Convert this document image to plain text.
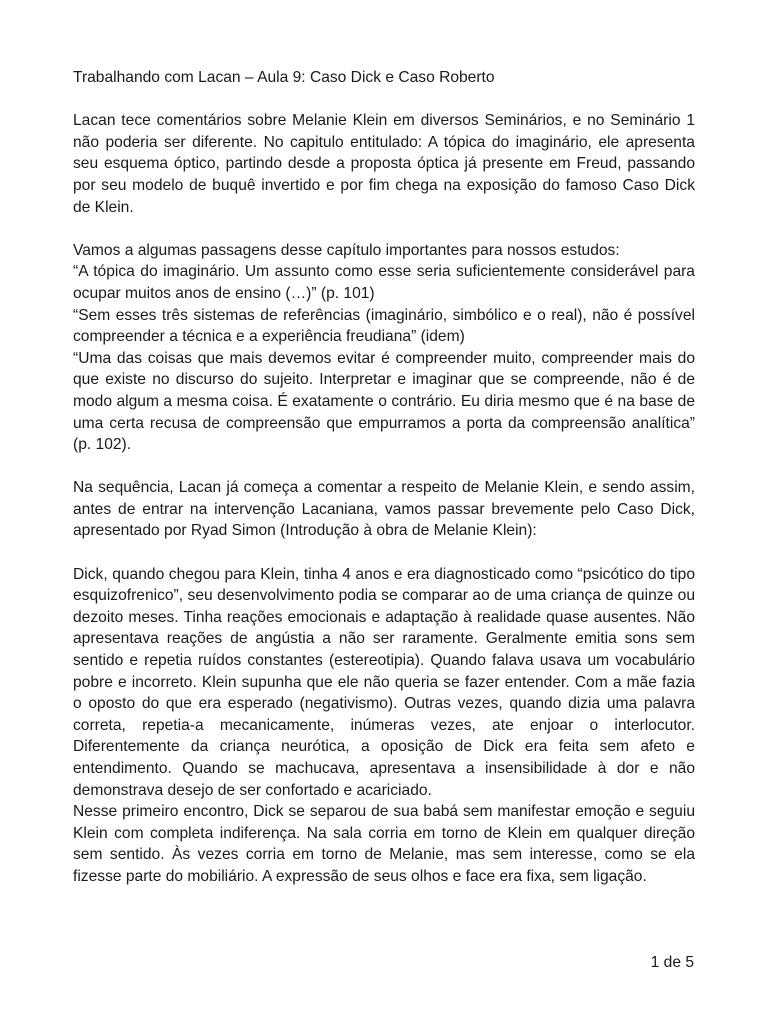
Trabalhando com Lacan – Aula 9: Caso Dick e Caso Roberto

Lacan tece comentários sobre Melanie Klein em diversos Seminários, e no Seminário 1 não poderia ser diferente. No capitulo entitulado: A tópica do imaginário, ele apresenta seu esquema óptico, partindo desde a proposta óptica já presente em Freud, passando por seu modelo de buquê invertido e por fim chega na exposição do famoso Caso Dick de Klein.

Vamos a algumas passagens desse capítulo importantes para nossos estudos:

“A tópica do imaginário. Um assunto como esse seria suficientemente considerável para ocupar muitos anos de ensino (…)” (p. 101)

“Sem esses três sistemas de referências (imaginário, simbólico e o real), não é possível compreender a técnica e a experiência freudiana” (idem)

“Uma das coisas que mais devemos evitar é compreender muito, compreender mais do que existe no discurso do sujeito. Interpretar e imaginar que se compreende, não é de modo algum a mesma coisa. É exatamente o contrário. Eu diria mesmo que é na base de uma certa recusa de compreensão que empurramos a porta da compreensão analítica” (p. 102).

Na sequência, Lacan já começa a comentar a respeito de Melanie Klein, e sendo assim, antes de entrar na intervenção Lacaniana, vamos passar brevemente pelo Caso Dick, apresentado por Ryad Simon (Introdução à obra de Melanie Klein):

Dick, quando chegou para Klein, tinha 4 anos e era diagnosticado como “psicótico do tipo esquizofrenico”, seu desenvolvimento podia se comparar ao de uma criança de quinze ou dezoito meses. Tinha reações emocionais e adaptação à realidade quase ausentes. Não apresentava reações de angústia a não ser raramente. Geralmente emitia sons sem sentido e repetia ruídos constantes (estereotipia). Quando falava usava um vocabulário pobre e incorreto. Klein supunha que ele não queria se fazer entender. Com a mãe fazia o oposto do que era esperado (negativismo). Outras vezes, quando dizia uma palavra correta, repetia-a mecanicamente, inúmeras vezes, ate enjoar o interlocutor. Diferentemente da criança neurótica, a oposição de Dick era feita sem afeto e entendimento. Quando se machucava, apresentava a insensibilidade à dor e não demonstrava desejo de ser confortado e acariciado.

Nesse primeiro encontro, Dick se separou de sua babá sem manifestar emoção e seguiu Klein com completa indiferença. Na sala corria em torno de Klein em qualquer direção sem sentido. Às vezes corria em torno de Melanie, mas sem interesse, como se ela fizesse parte do mobiliário. A expressão de seus olhos e face era fixa, sem ligação.

1 de 5
